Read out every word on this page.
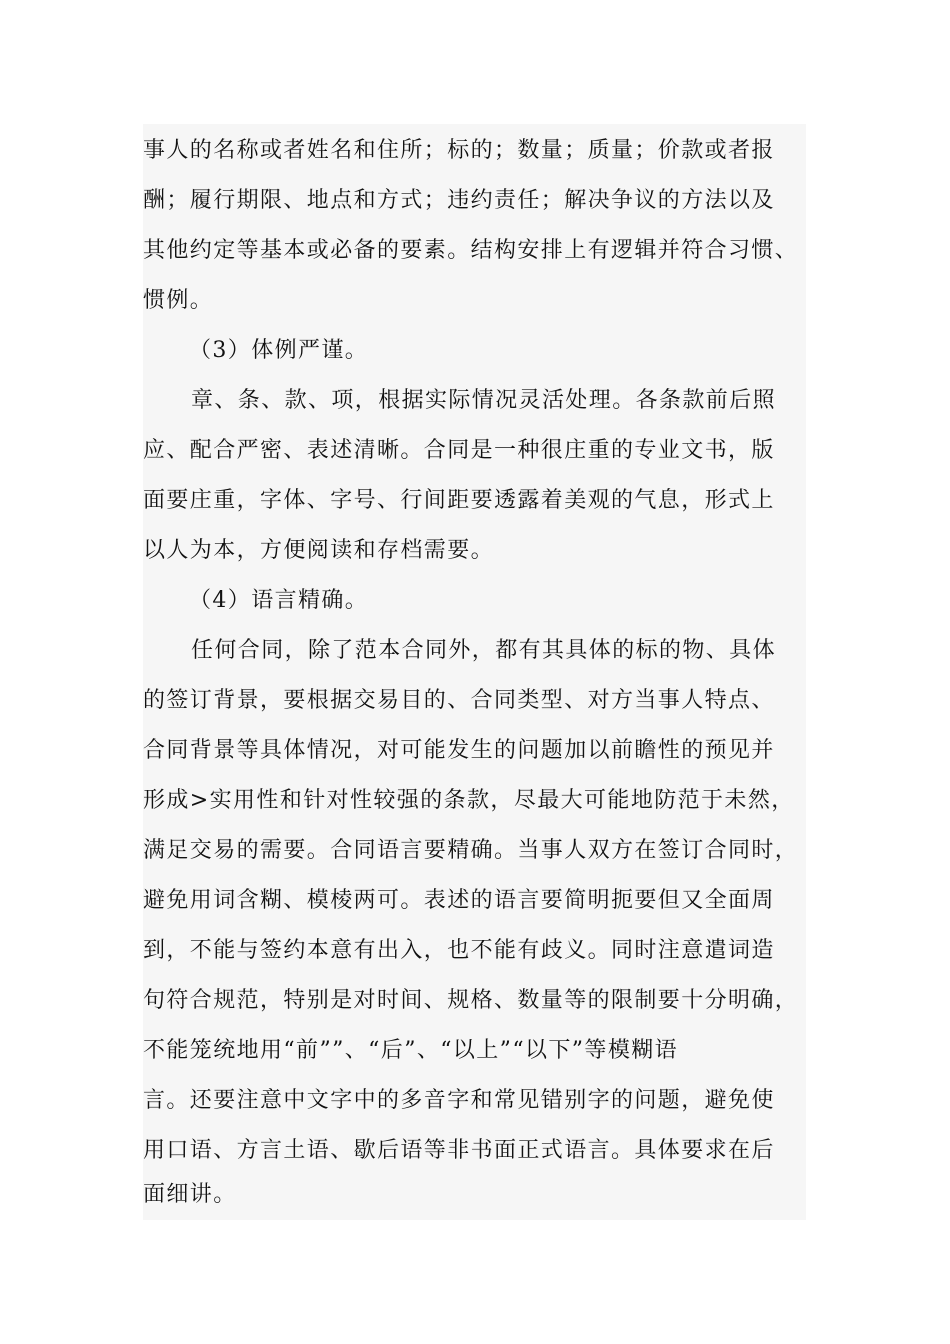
事人的名称或者姓名和住所；标的；数量；质量；价款或者报
酬；履行期限、地点和方式；违约责任；解决争议的方法以及
其他约定等基本或必备的要素。结构安排上有逻辑并符合习惯、
惯例。
（3）体例严谨。
章、条、款、项，根据实际情况灵活处理。各条款前后照
应、配合严密、表述清晰。合同是一种很庄重的专业文书，版
面要庄重，字体、字号、行间距要透露着美观的气息，形式上
以人为本，方便阅读和存档需要。
（4）语言精确。
任何合同，除了范本合同外，都有其具体的标的物、具体
的签订背景，要根据交易目的、合同类型、对方当事人特点、
合同背景等具体情况，对可能发生的问题加以前瞻性的预见并
形成>实用性和针对性较强的条款，尽最大可能地防范于未然，
满足交易的需要。合同语言要精确。当事人双方在签订合同时，
避免用词含糊、模棱两可。表述的语言要简明扼要但又全面周
到，不能与签约本意有出入，也不能有歧义。同时注意遣词造
句符合规范，特别是对时间、规格、数量等的限制要十分明确，
不能笼统地用“前””、“后”、“以上”“以下”等模糊语
言。还要注意中文字中的多音字和常见错别字的问题，避免使
用口语、方言土语、歇后语等非书面正式语言。具体要求在后
面细讲。
